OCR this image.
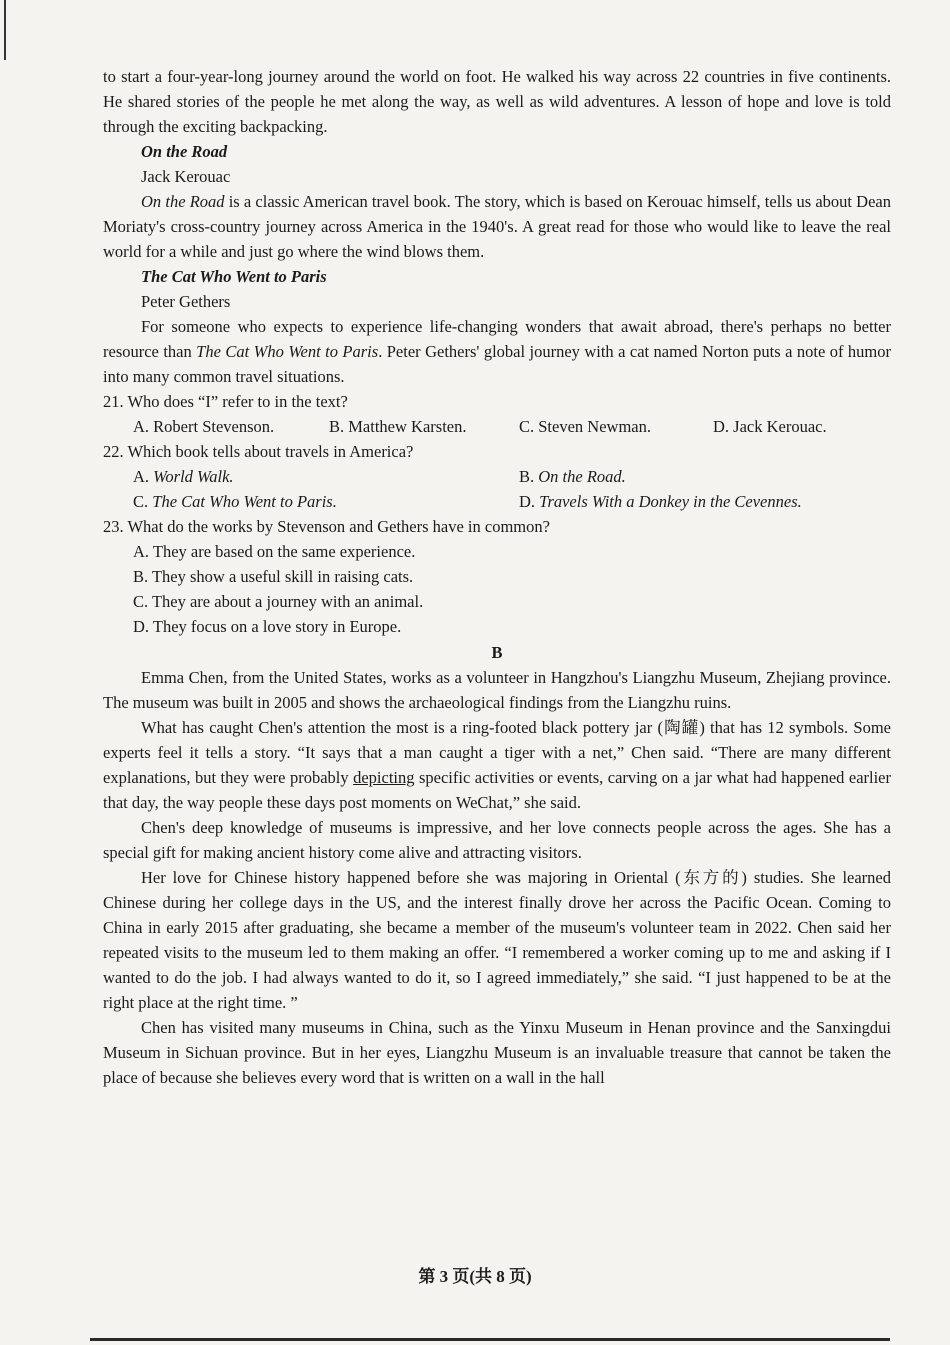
to start a four-year-long journey around the world on foot. He walked his way across 22 countries in five continents. He shared stories of the people he met along the way, as well as wild adventures. A lesson of hope and love is told through the exciting backpacking.

On the Road
Jack Kerouac

On the Road is a classic American travel book. The story, which is based on Kerouac himself, tells us about Dean Moriaty's cross-country journey across America in the 1940's. A great read for those who would like to leave the real world for a while and just go where the wind blows them.

The Cat Who Went to Paris
Peter Gethers

For someone who expects to experience life-changing wonders that await abroad, there's perhaps no better resource than The Cat Who Went to Paris. Peter Gethers' global journey with a cat named Norton puts a note of humor into many common travel situations.

21. Who does “I” refer to in the text?
A. Robert Stevenson.	B. Matthew Karsten.	C. Steven Newman.	D. Jack Kerouac.
22. Which book tells about travels in America?
A. World Walk.	B. On the Road.
C. The Cat Who Went to Paris.	D. Travels With a Donkey in the Cevennes.
23. What do the works by Stevenson and Gethers have in common?
A. They are based on the same experience.
B. They show a useful skill in raising cats.
C. They are about a journey with an animal.
D. They focus on a love story in Europe.
B

Emma Chen, from the United States, works as a volunteer in Hangzhou's Liangzhu Museum, Zhejiang province. The museum was built in 2005 and shows the archaeological findings from the Liangzhu ruins.

What has caught Chen's attention the most is a ring-footed black pottery jar (陶罐) that has 12 symbols. Some experts feel it tells a story. “It says that a man caught a tiger with a net,” Chen said. “There are many different explanations, but they were probably depicting specific activities or events, carving on a jar what had happened earlier that day, the way people these days post moments on WeChat,” she said.

Chen's deep knowledge of museums is impressive, and her love connects people across the ages. She has a special gift for making ancient history come alive and attracting visitors.

Her love for Chinese history happened before she was majoring in Oriental (东方的) studies. She learned Chinese during her college days in the US, and the interest finally drove her across the Pacific Ocean. Coming to China in early 2015 after graduating, she became a member of the museum's volunteer team in 2022. Chen said her repeated visits to the museum led to them making an offer. “I remembered a worker coming up to me and asking if I wanted to do the job. I had always wanted to do it, so I agreed immediately,” she said. “I just happened to be at the right place at the right time. ”

Chen has visited many museums in China, such as the Yinxu Museum in Henan province and the Sanxingdui Museum in Sichuan province. But in her eyes, Liangzhu Museum is an invaluable treasure that cannot be taken the place of because she believes every word that is written on a wall in the hall

第 3 页(共 8 页)
